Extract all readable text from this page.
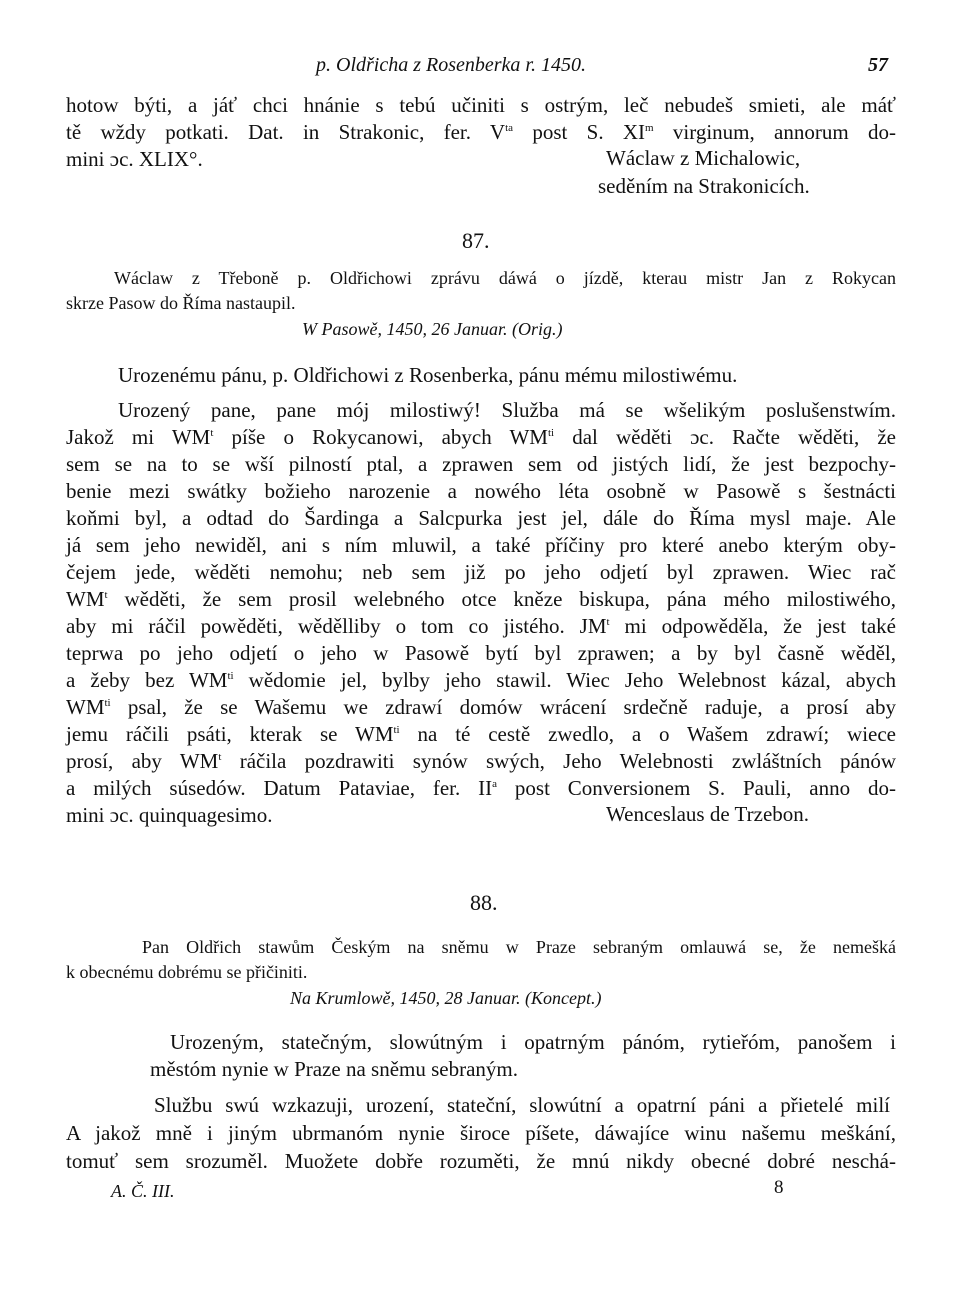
p. Oldřicha z Rosenberka r. 1450.	57
hotow býti, a jáť chci hnánie s tebú učiniti s ostrým, leč nebudeš smieti, ale máť
tě wždy potkati. Dat. in Strakonic, fer. $V^{ta}$ post S. $XI^m$ virginum, annorum do-
mini ɔc. XLIX°.	Wáclaw z Michalowic,
seděním na Strakonicích.
87.
Wáclaw z Třeboně p. Oldřichowi zprávu dáwá o jízdě, kterau mistr Jan z Rokycan
skrze Pasow do Říma nastaupil.
W Pasowě, 1450, 26 Januar. (Orig.)
Urozenému pánu, p. Oldřichowi z Rosenberka, pánu mému milostiwému.
Urozený pane, pane mój milostiwý! Služba má se wšelikým poslušenstwím.
Jakož mi $WM^t$ píše o Rokycanowi, abych $WM^{ti}$ dal wěděti ɔc. Račte wěděti, že
sem se na to se wší pilností ptal, a zprawen sem od jistých lidí, že jest bezpochy-
benie mezi swátky božieho narozenie a nowého léta osobně w Pasowě s šestnácti
koňmi byl, a odtad do Šardinga a Salcpurka jest jel, dále do Říma mysl maje. Ale
já sem jeho newiděl, ani s ním mluwil, a také příčiny pro které anebo kterým oby-
čejem jede, wěděti nemohu; neb sem již po jeho odjetí byl zprawen. Wiec rač
$WM^t$ wěděti, že sem prosil welebného otce kněze biskupa, pána mého milostiwého,
aby mi ráčil powěděti, wědělliby o tom co jistého. $JM^t$ mi odpowěděla, že jest také
teprwa po jeho odjetí o jeho w Pasowě bytí byl zprawen; a by byl časně wěděl,
a žeby bez $WM^{ti}$ wědomie jel, bylby jeho stawil. Wiec Jeho Welebnost kázal, abych
$WM^{ti}$ psal, že se Wašemu we zdrawí domów wrácení srdečně raduje, a prosí aby
jemu ráčili psáti, kterak se $WM^{ti}$ na té cestě zwedlo, a o Wašem zdrawí; wiece
prosí, aby $WM^t$ ráčila pozdrawiti synów swých, Jeho Welebnosti zwláštních pánów
a milých súsedów. Datum Pataviae, fer. $II^a$ post Conversionem S. Pauli, anno do-
mini ɔc. quinquagesimo.	Wenceslaus de Trzebon.
88.
Pan Oldřich stawům Českým na sněmu w Praze sebraným omlauwá se, že nemešká
k obecnému dobrému se přičiniti.
Na Krumlowě, 1450, 28 Januar. (Koncept.)
Urozeným, statečným, slowútným i opatrným pánóm, rytieřóm, panošem i
městóm nynie w Praze na sněmu sebraným.
Službu swú wzkazuji, urození, stateční, slowútní a opatrní páni a přietelé milí
A jakož mně i jiným ubrmanóm nynie široce píšete, dáwajíce winu našemu meškání,
tomuť sem srozuměl. Muožete dobře rozuměti, že mnú nikdy obecné dobré neschá-
A. Č. III.	8
